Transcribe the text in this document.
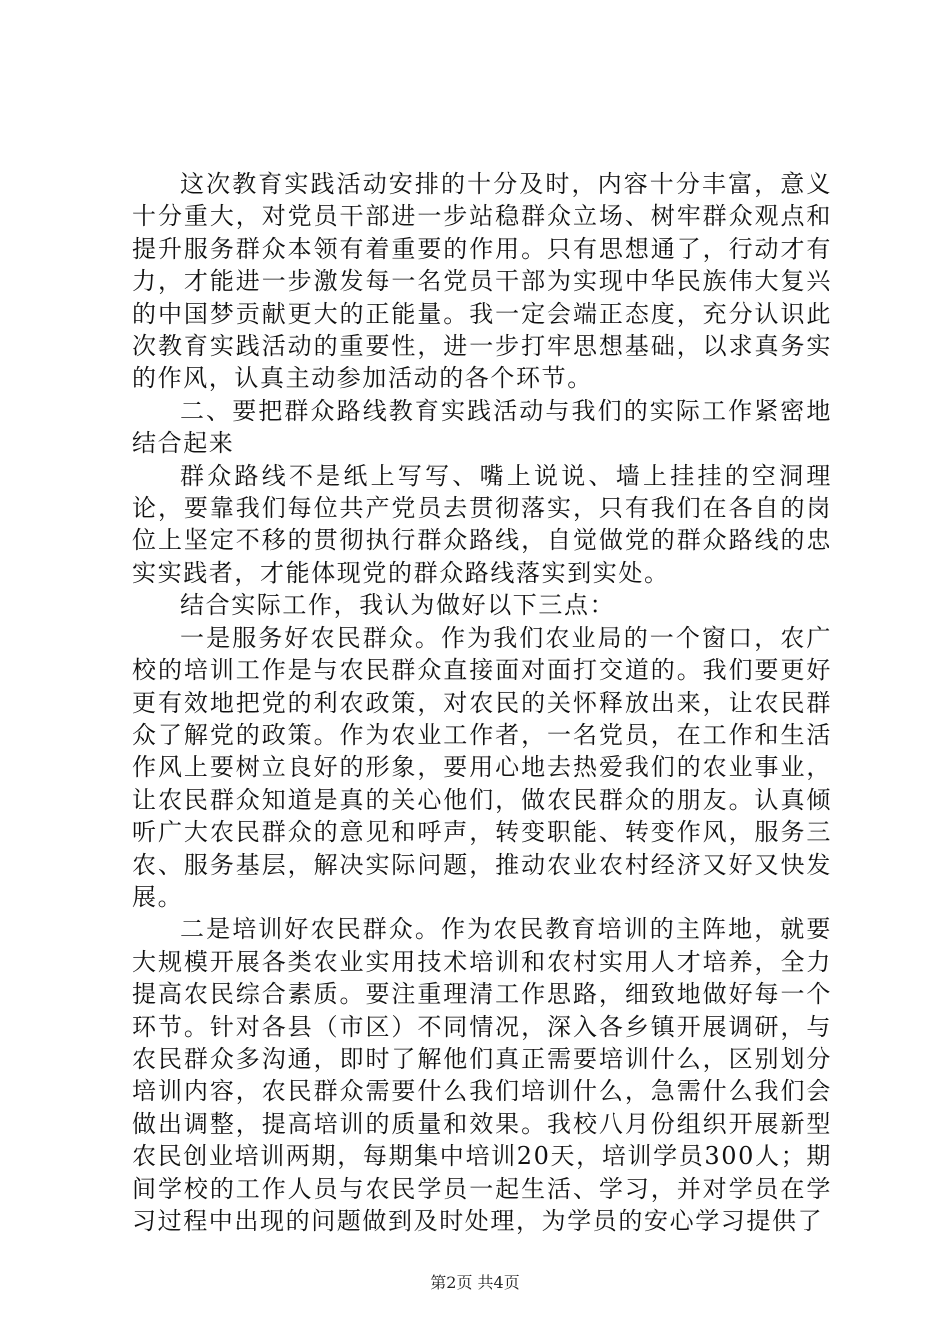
这次教育实践活动安排的十分及时，内容十分丰富，意义十分重大，对党员干部进一步站稳群众立场、树牢群众观点和提升服务群众本领有着重要的作用。只有思想通了，行动才有力，才能进一步激发每一名党员干部为实现中华民族伟大复兴的中国梦贡献更大的正能量。我一定会端正态度，充分认识此次教育实践活动的重要性，进一步打牢思想基础，以求真务实的作风，认真主动参加活动的各个环节。

二、要把群众路线教育实践活动与我们的实际工作紧密地结合起来

群众路线不是纸上写写、嘴上说说、墙上挂挂的空洞理论，要靠我们每位共产党员去贯彻落实，只有我们在各自的岗位上坚定不移的贯彻执行群众路线，自觉做党的群众路线的忠实实践者，才能体现党的群众路线落实到实处。

结合实际工作，我认为做好以下三点：

一是服务好农民群众。作为我们农业局的一个窗口，农广校的培训工作是与农民群众直接面对面打交道的。我们要更好更有效地把党的利农政策，对农民的关怀释放出来，让农民群众了解党的政策。作为农业工作者，一名党员，在工作和生活作风上要树立良好的形象，要用心地去热爱我们的农业事业，让农民群众知道是真的关心他们，做农民群众的朋友。认真倾听广大农民群众的意见和呼声，转变职能、转变作风，服务三农、服务基层，解决实际问题，推动农业农村经济又好又快发展。

二是培训好农民群众。作为农民教育培训的主阵地，就要大规模开展各类农业实用技术培训和农村实用人才培养，全力提高农民综合素质。要注重理清工作思路，细致地做好每一个环节。针对各县（市区）不同情况，深入各乡镇开展调研，与农民群众多沟通，即时了解他们真正需要培训什么，区别划分培训内容，农民群众需要什么我们培训什么，急需什么我们会做出调整，提高培训的质量和效果。我校八月份组织开展新型农民创业培训两期，每期集中培训20天，培训学员300人；期间学校的工作人员与农民学员一起生活、学习，并对学员在学习过程中出现的问题做到及时处理，为学员的安心学习提供了

第2页 共4页
